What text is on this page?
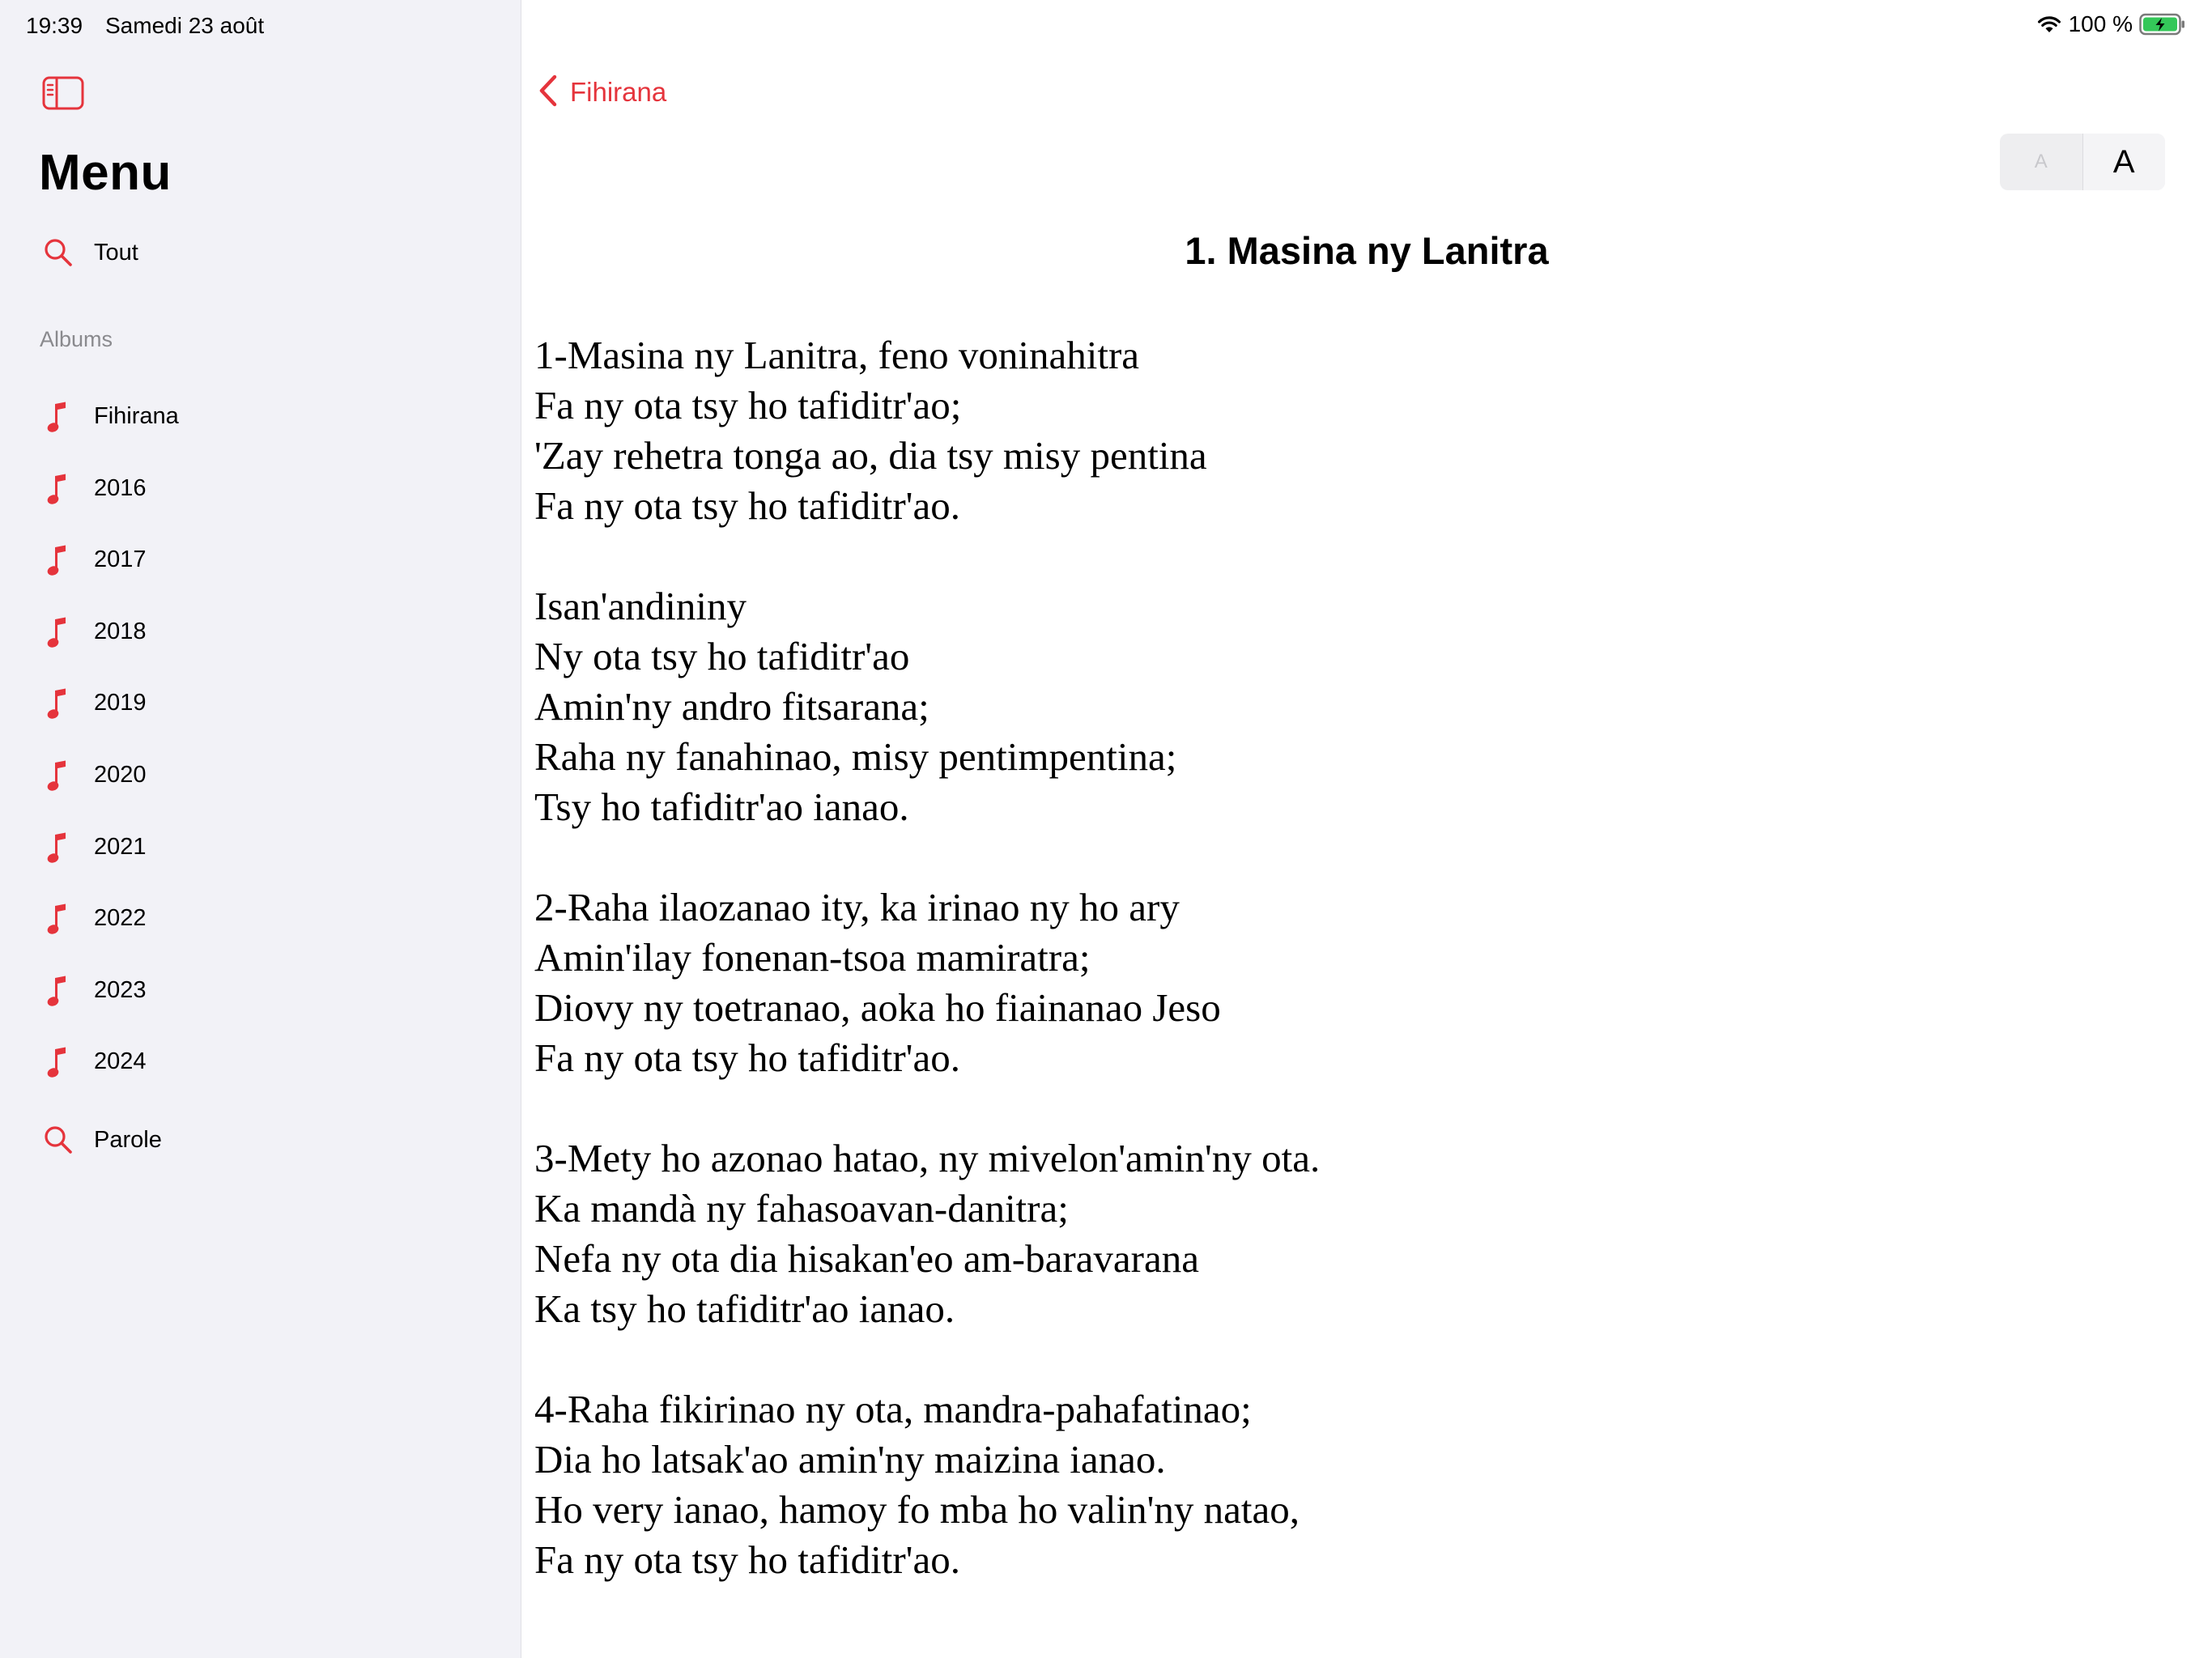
19:39 Samedi 23 août	100 %
Menu
Tout
Albums
Fihirana
2016
2017
2018
2019
2020
2021
2022
2023
2024
Parole
Fihirana
A	A
1. Masina ny Lanitra
1-Masina ny Lanitra, feno voninahitra
Fa ny ota tsy ho tafiditr'ao;
'Zay rehetra tonga ao, dia tsy misy pentina
Fa ny ota tsy ho tafiditr'ao.
Isan'andininy
Ny ota tsy ho tafiditr'ao
Amin'ny andro fitsarana;
Raha ny fanahinao, misy pentimpentina;
Tsy ho tafiditr'ao ianao.
2-Raha ilaozanao ity, ka irinao ny ho ary
Amin'ilay fonenan-tsoa mamiratra;
Diovy ny toetranao, aoka ho fiainanao Jeso
Fa ny ota tsy ho tafiditr'ao.
3-Mety ho azonao hatao, ny mivelon'amin'ny ota.
Ka mandà ny fahasoavan-danitra;
Nefa ny ota dia hisakan'eo am-baravarana
Ka tsy ho tafiditr'ao ianao.
4-Raha fikirinao ny ota, mandra-pahafatinao;
Dia ho latsak'ao amin'ny maizina ianao.
Ho very ianao, hamoy fo mba ho valin'ny natao,
Fa ny ota tsy ho tafiditr'ao.
